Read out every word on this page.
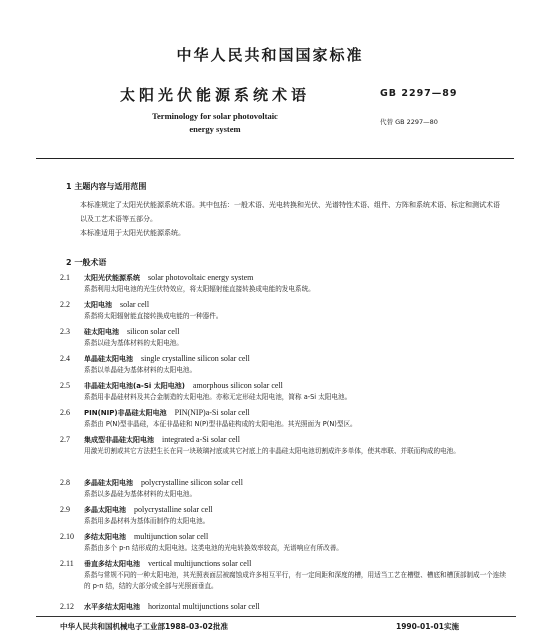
中华人民共和国国家标准
太阳光伏能源系统术语	GB 2297—89
Terminology for solar photovoltaic
energy system
代替 GB 2297—80
1 主题内容与适用范围
本标准规定了太阳光伏能源系统术语。其中包括：一般术语、光电转换和光伏、光谱特性术语、组件、方阵和系统术语、标定和测试术语以及工艺术语等五部分。
本标准适用于太阳光伏能源系统。
2 一般术语
2.1 太阳光伏能源系统 solar photovoltaic energy system
系指利用太阳电池的光生伏特效应，将太阳辐射能直接转换成电能的发电系统。
2.2 太阳电池 solar cell
系指将太阳辐射能直接转换成电能的一种器件。
2.3 硅太阳电池 silicon solar cell
系指以硅为基体材料的太阳电池。
2.4 单晶硅太阳电池 single crystalline silicon solar cell
系指以单晶硅为基体材料的太阳电池。
2.5 非晶硅太阳电池(a-Si 太阳电池) amorphous silicon solar cell
系指用非晶硅材料及其合金制造的太阳电池。亦称无定形硅太阳电池，简称 a-Si 太阳电池。
2.6 PIN(NIP)非晶硅太阳电池 PIN(NIP)a-Si solar cell
系指由 P(N)型非晶硅，本征非晶硅和 N(P)型非晶硅构成的太阳电池。其光照面为 P(N)型区。
2.7 集成型非晶硅太阳电池 integrated a-Si solar cell
用激光切割或其它方法把生长在同一块玻璃衬底或其它衬底上的非晶硅太阳电池切割成许多单体，使其串联、并联而构成的电池。
2.8 多晶硅太阳电池 polycrystalline silicon solar cell
系指以多晶硅为基体材料的太阳电池。
2.9 多晶太阳电池 polycrystalline solar cell
系指用多晶材料为基体而制作的太阳电池。
2.10 多结太阳电池 multijunction solar cell
系指由多个 p-n 结形成的太阳电池。这类电池的光电转换效率较高，光谱响应有所改善。
2.11 垂直多结太阳电池 vertical multijunctions solar cell
系指与常规不同的一种太阳电池，其光照表面层被腐蚀成许多相互平行，有一定间距和深度的槽，用适当工艺在槽壁、槽底和槽顶部制成一个连续的 p-n 结，结的大部分或全部与光照面垂直。
2.12 水平多结太阳电池 horizontal multijunctions solar cell
中华人民共和国机械电子工业部1988-03-02批准	1990-01-01实施
